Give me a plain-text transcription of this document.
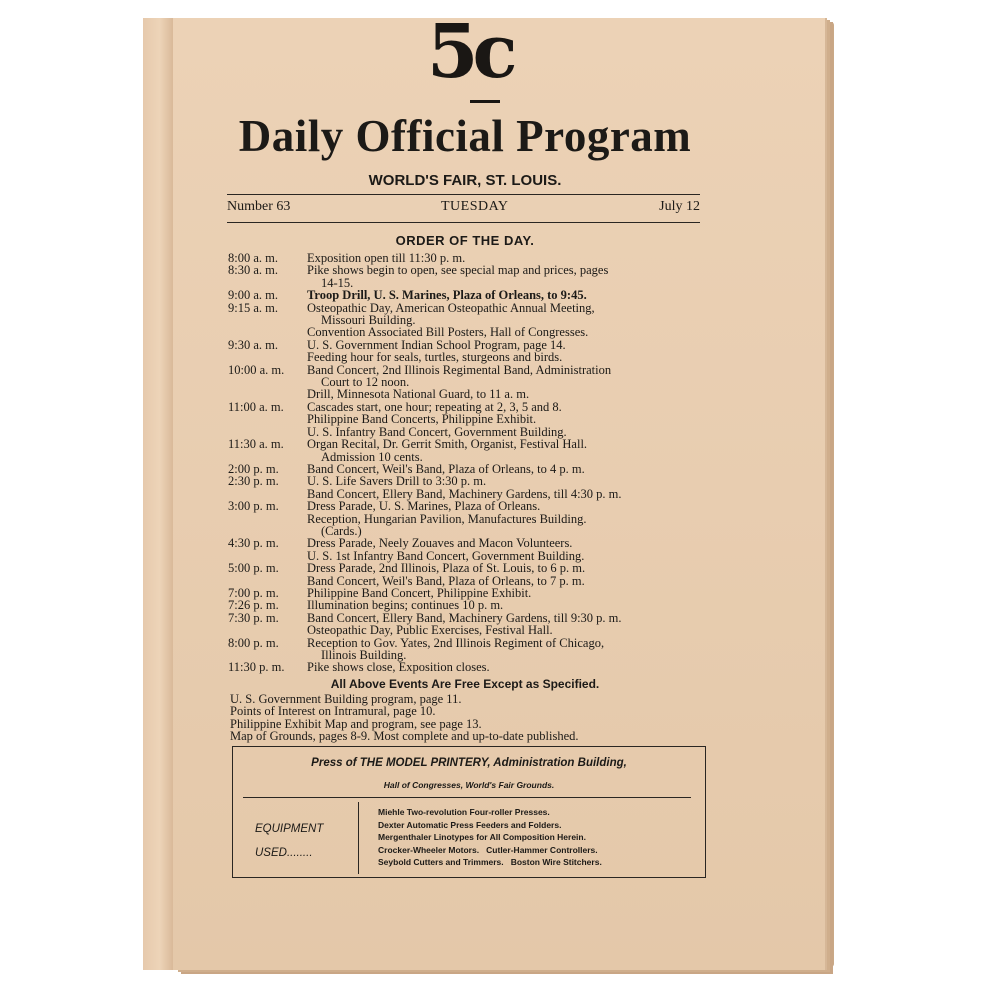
5c
Daily Official Program
WORLD'S FAIR, ST. LOUIS.
Number 63	TUESDAY	July 12
ORDER OF THE DAY.
8:00 a. m.	Exposition open till 11:30 p. m.
8:30 a. m.	Pike shows begin to open, see special map and prices, pages
14-15.
9:00 a. m.	Troop Drill, U. S. Marines, Plaza of Orleans, to 9:45.
9:15 a. m.	Osteopathic Day, American Osteopathic Annual Meeting,
Missouri Building.
Convention Associated Bill Posters, Hall of Congresses.
9:30 a. m.	U. S. Government Indian School Program, page 14.
Feeding hour for seals, turtles, sturgeons and birds.
10:00 a. m.	Band Concert, 2nd Illinois Regimental Band, Administration
Court to 12 noon.
Drill, Minnesota National Guard, to 11 a. m.
11:00 a. m.	Cascades start, one hour; repeating at 2, 3, 5 and 8.
Philippine Band Concerts, Philippine Exhibit.
U. S. Infantry Band Concert, Government Building.
11:30 a. m.	Organ Recital, Dr. Gerrit Smith, Organist, Festival Hall.
Admission 10 cents.
2:00 p. m.	Band Concert, Weil's Band, Plaza of Orleans, to 4 p. m.
2:30 p. m.	U. S. Life Savers Drill to 3:30 p. m.
Band Concert, Ellery Band, Machinery Gardens, till 4:30 p. m.
3:00 p. m.	Dress Parade, U. S. Marines, Plaza of Orleans.
Reception, Hungarian Pavilion, Manufactures Building.
(Cards.)
4:30 p. m.	Dress Parade, Neely Zouaves and Macon Volunteers.
U. S. 1st Infantry Band Concert, Government Building.
5:00 p. m.	Dress Parade, 2nd Illinois, Plaza of St. Louis, to 6 p. m.
Band Concert, Weil's Band, Plaza of Orleans, to 7 p. m.
7:00 p. m.	Philippine Band Concert, Philippine Exhibit.
7:26 p. m.	Illumination begins; continues 10 p. m.
7:30 p. m.	Band Concert, Ellery Band, Machinery Gardens, till 9:30 p. m.
Osteopathic Day, Public Exercises, Festival Hall.
8:00 p. m.	Reception to Gov. Yates, 2nd Illinois Regiment of Chicago,
Illinois Building.
11:30 p. m.	Pike shows close, Exposition closes.
All Above Events Are Free Except as Specified.
U. S. Government Building program, page 11.
Points of Interest on Intramural, page 10.
Philippine Exhibit Map and program, see page 13.
Map of Grounds, pages 8-9. Most complete and up-to-date published.
Press of THE MODEL PRINTERY, Administration Building,
Hall of Congresses, World's Fair Grounds.
EQUIPMENT
USED........
Miehle Two-revolution Four-roller Presses.
Dexter Automatic Press Feeders and Folders.
Mergenthaler Linotypes for All Composition Herein.
Crocker-Wheeler Motors.   Cutler-Hammer Controllers.
Seybold Cutters and Trimmers.   Boston Wire Stitchers.
